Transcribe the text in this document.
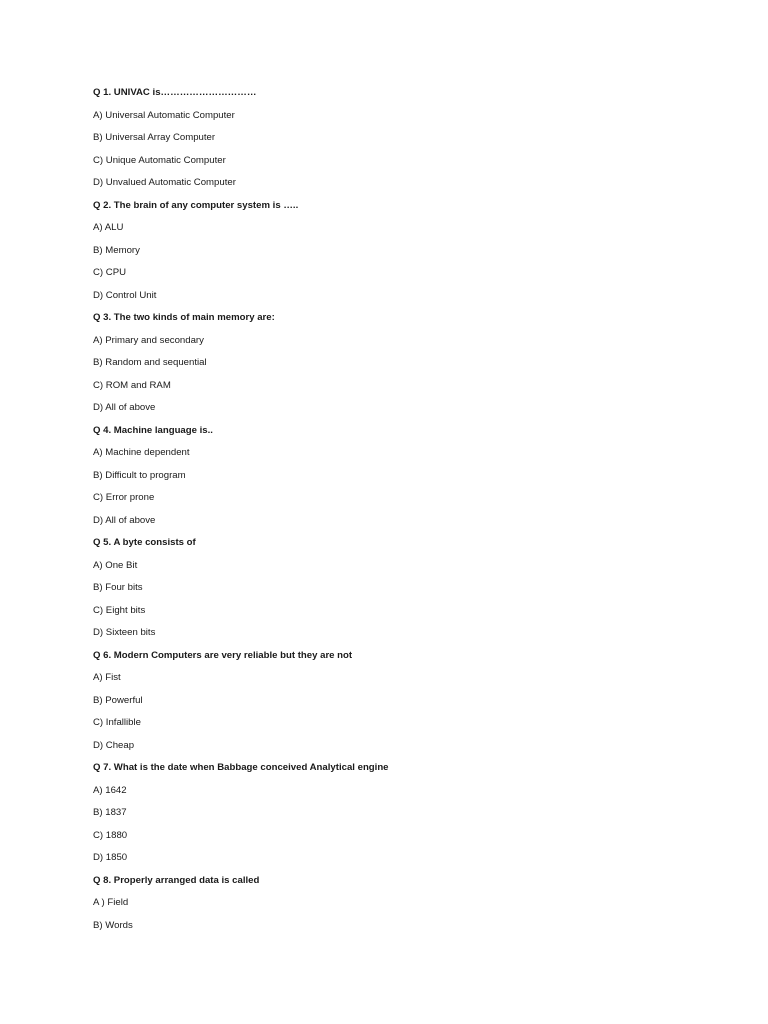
Q 1. UNIVAC is…………………………
A) Universal Automatic Computer
B) Universal Array Computer
C) Unique Automatic Computer
D) Unvalued Automatic Computer
Q 2. The brain of any computer system is …..
A) ALU
B) Memory
C) CPU
D) Control Unit
Q 3. The two kinds of main memory are:
A) Primary and secondary
B) Random and sequential
C) ROM and RAM
D) All of above
Q 4. Machine language is..
A) Machine dependent
B) Difficult to program
C) Error prone
D) All of above
Q 5. A byte consists of
A) One Bit
B) Four bits
C) Eight bits
D) Sixteen bits
Q 6. Modern Computers are very reliable but they are not
A) Fist
B) Powerful
C) Infallible
D) Cheap
Q 7. What is the date when Babbage conceived Analytical engine
A) 1642
B) 1837
C) 1880
D) 1850
Q 8. Properly arranged data is called
A ) Field
B) Words
